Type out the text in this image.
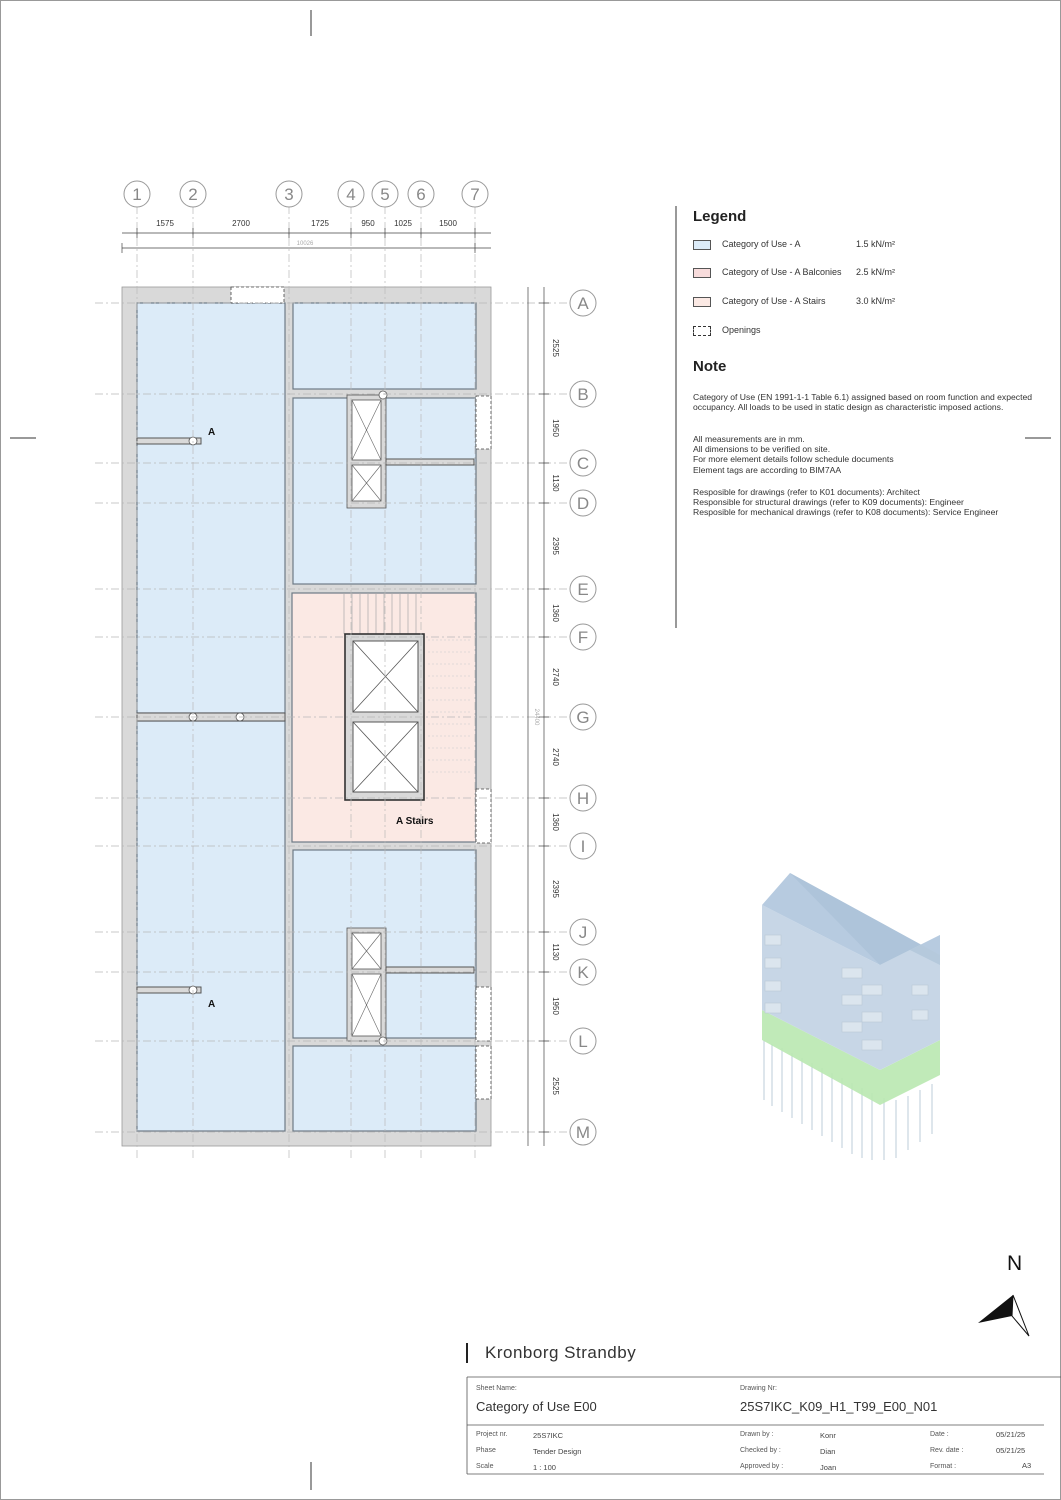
1	2	3	4 5 6	7
A
B
C
D
E
F
G
H
I
J
K
L
M
1575	2700	1725	950 1025	1500
10026
2525
1950
1130
2395
1360
2740
2740
1360
2395
1130
1950
2525
24400
A
A
A Stairs
Legend
Category of Use - A	1.5 kN/m²
Category of Use - A Balconies 2.5 kN/m²
Category of Use - A Stairs	3.0 kN/m²
Openings
Note
Category of Use (EN 1991-1-1 Table 6.1) assigned based on room function and expected occupancy. All loads to be used in static design as characteristic imposed actions.
All measurements are in mm.
All dimensions to be verified on site.
For more element details follow schedule documents
Element tags are according to BIM7AA
Resposible for drawings (refer to K01 documents): Architect
Responsible for structural drawings (refer to K09 documents): Engineer
Resposible for mechanical drawings (refer to K08 documents): Service Engineer
N
Kronborg Strandby
Sheet Name:
Category of Use E00
Drawing Nr:
25S7IKC_K09_H1_T99_E00_N01
Project nr.	25S7IKC
Phase	Tender Design
Scale	1 : 100
Drawn by :	Konr
Checked by :	Dian
Approved by :	Joan
Date :	05/21/25
Rev. date :	05/21/25
Format :	A3
